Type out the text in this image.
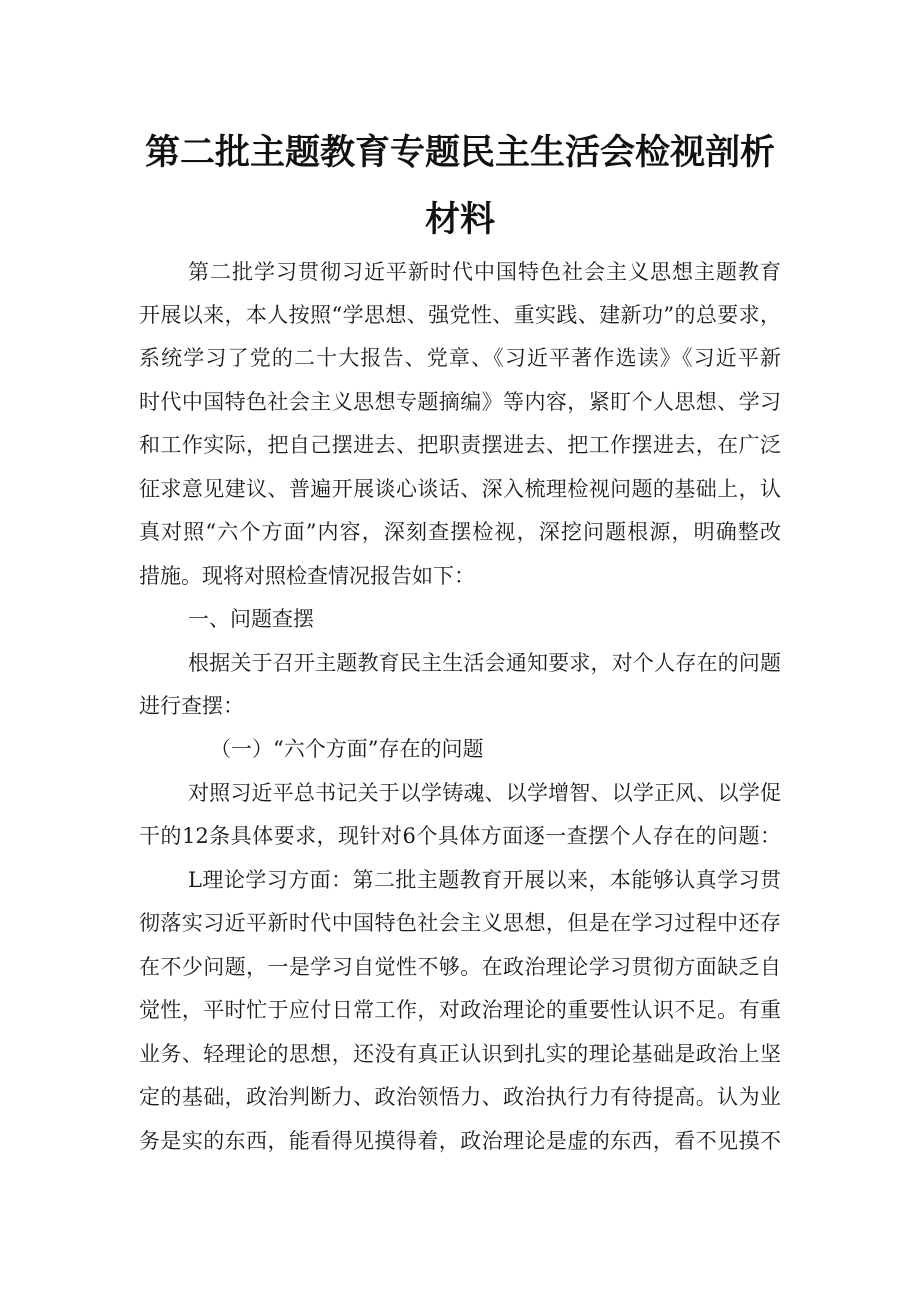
第二批主题教育专题民主生活会检视剖析
材料
第二批学习贯彻习近平新时代中国特色社会主义思想主题教育
开展以来，本人按照“学思想、强党性、重实践、建新功”的总要求，
系统学习了党的二十大报告、党章、《习近平著作选读》《习近平新
时代中国特色社会主义思想专题摘编》等内容，紧盯个人思想、学习
和工作实际，把自己摆进去、把职责摆进去、把工作摆进去，在广泛
征求意见建议、普遍开展谈心谈话、深入梳理检视问题的基础上，认
真对照“六个方面”内容，深刻查摆检视，深挖问题根源，明确整改
措施。现将对照检查情况报告如下：
一、问题查摆
根据关于召开主题教育民主生活会通知要求，对个人存在的问题
进行查摆：
（一）“六个方面”存在的问题
对照习近平总书记关于以学铸魂、以学增智、以学正风、以学促
干的12条具体要求，现针对6个具体方面逐一查摆个人存在的问题：
L理论学习方面：第二批主题教育开展以来，本能够认真学习贯
彻落实习近平新时代中国特色社会主义思想，但是在学习过程中还存
在不少问题，一是学习自觉性不够。在政治理论学习贯彻方面缺乏自
觉性，平时忙于应付日常工作，对政治理论的重要性认识不足。有重
业务、轻理论的思想，还没有真正认识到扎实的理论基础是政治上坚
定的基础，政治判断力、政治领悟力、政治执行力有待提高。认为业
务是实的东西，能看得见摸得着，政治理论是虚的东西，看不见摸不
